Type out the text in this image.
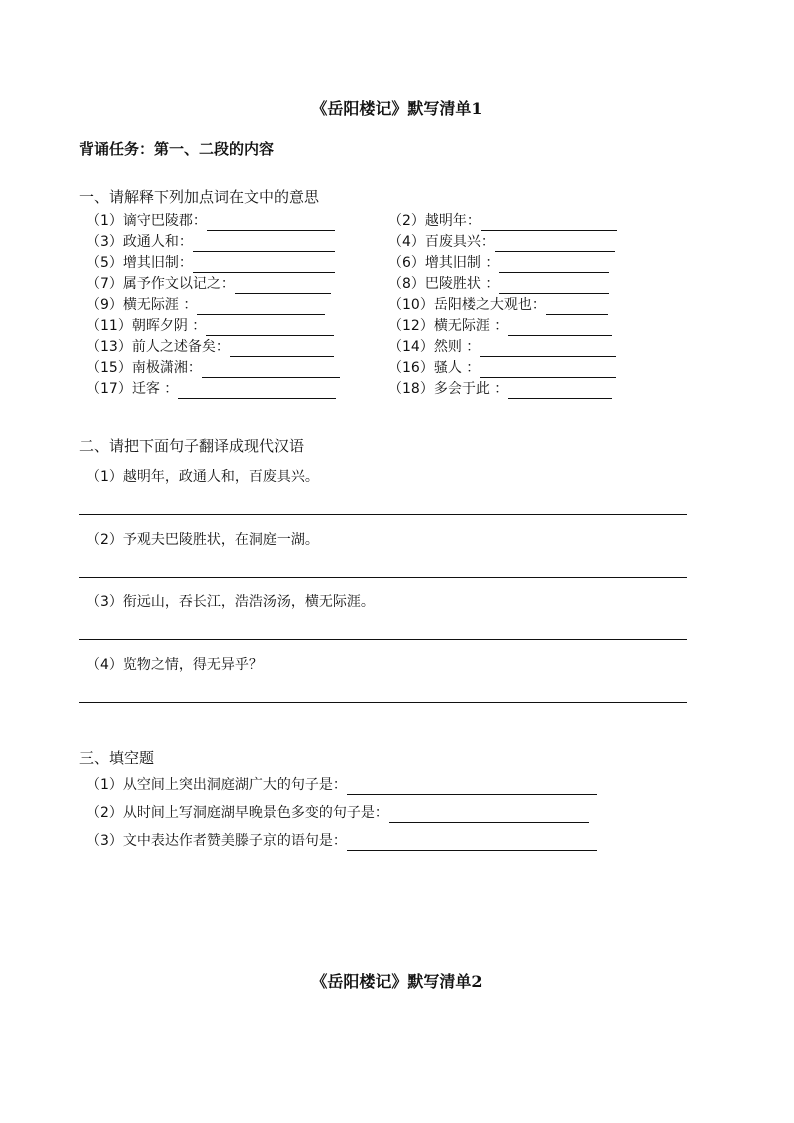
《岳阳楼记》默写清单1
背诵任务：第一、二段的内容
一、请解释下列加点词在文中的意思
（1）谪守巴陵郡：
（3）政通人和：
（5）增其旧制：
（7）属予作文以记之：
（9）横无际涯 ：
（11）朝晖夕阴 ：
（13）前人之述备矣：
（15）南极潇湘：
（17）迁客 ：
（2）越明年：
（4）百废具兴：
（6）增其旧制 ：
（8）巴陵胜状 ：
（10）岳阳楼之大观也：
（12）横无际涯 ：
（14）然则 ：
（16）骚人 ：
（18）多会于此 ：
二、请把下面句子翻译成现代汉语
（1）越明年，政通人和，百废具兴。
（2）予观夫巴陵胜状，在洞庭一湖。
（3）衔远山，吞长江，浩浩汤汤，横无际涯。
（4）览物之情，得无异乎？
三、填空题
（1）从空间上突出洞庭湖广大的句子是：
（2）从时间上写洞庭湖早晚景色多变的句子是：
（3）文中表达作者赞美滕子京的语句是：
《岳阳楼记》默写清单2
